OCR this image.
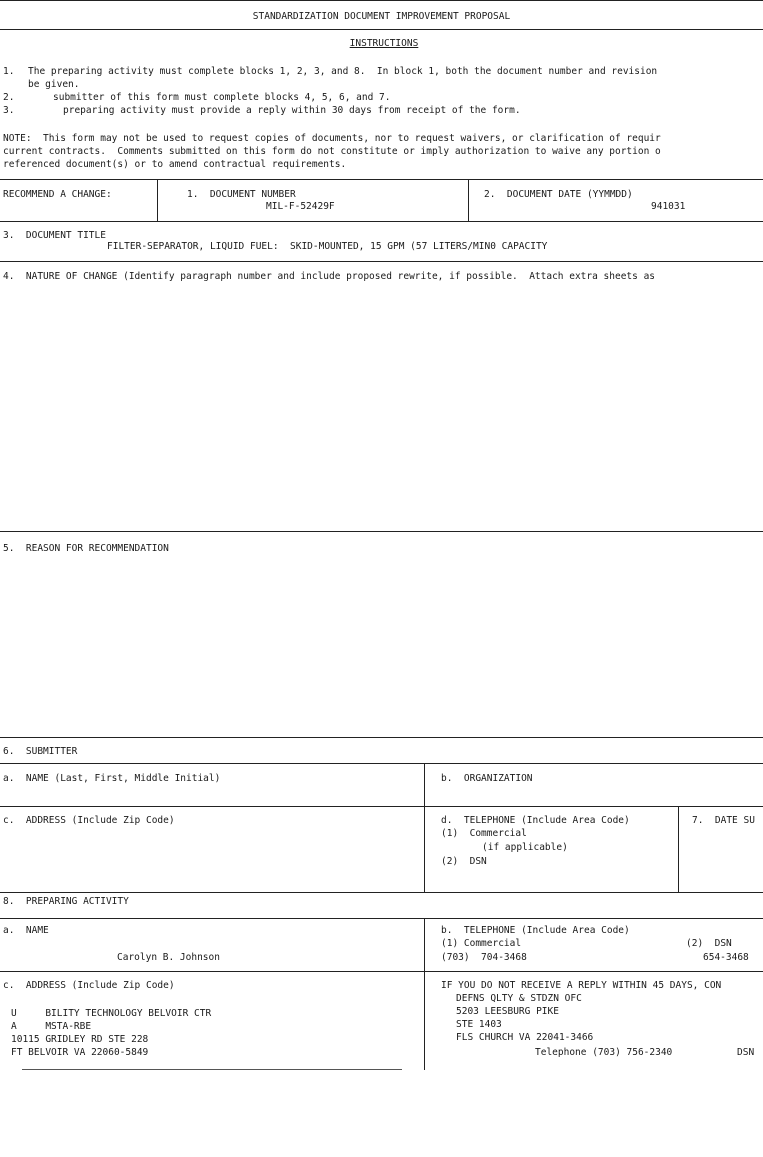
STANDARDIZATION DOCUMENT IMPROVEMENT PROPOSAL
INSTRUCTIONS
1. The preparing activity must complete blocks 1, 2, 3, and 8.  In block 1, both the document number and revision
be given.
2.	submitter of this form must complete blocks 4, 5, 6, and 7.
3.	preparing activity must provide a reply within 30 days from receipt of the form.
NOTE:  This form may not be used to request copies of documents, nor to request waivers, or clarification of requir
current contracts.  Comments submitted on this form do not constitute or imply authorization to waive any portion o
referenced document(s) or to amend contractual requirements.
RECOMMEND A CHANGE:	1.  DOCUMENT NUMBER
MIL-F-52429F
2.  DOCUMENT DATE (YYMMDD)
941031
3.  DOCUMENT TITLE
FILTER-SEPARATOR, LIQUID FUEL:  SKID-MOUNTED, 15 GPM (57 LITERS/MIN0 CAPACITY
4.  NATURE OF CHANGE (Identify paragraph number and include proposed rewrite, if possible.  Attach extra sheets as
5.  REASON FOR RECOMMENDATION
6.  SUBMITTER
a.  NAME (Last, First, Middle Initial)	b.  ORGANIZATION
c.  ADDRESS (Include Zip Code)	d.  TELEPHONE (Include Area Code)
(1)  Commercial
(if applicable)
(2)  DSN
7.  DATE SU
8.  PREPARING ACTIVITY
a.  NAME
Carolyn B. Johnson
b.  TELEPHONE (Include Area Code)
(1) Commercial	(2)  DSN
(703)  704-3468	654-3468
c.  ADDRESS (Include Zip Code)
U     BILITY TECHNOLOGY BELVOIR CTR
A     MSTA-RBE
10115 GRIDLEY RD STE 228
FT BELVOIR VA 22060-5849
IF YOU DO NOT RECEIVE A REPLY WITHIN 45 DAYS, CON
DEFNS QLTY & STDZN OFC
5203 LEESBURG PIKE
STE 1403
FLS CHURCH VA 22041-3466
Telephone (703) 756-2340	DSN
